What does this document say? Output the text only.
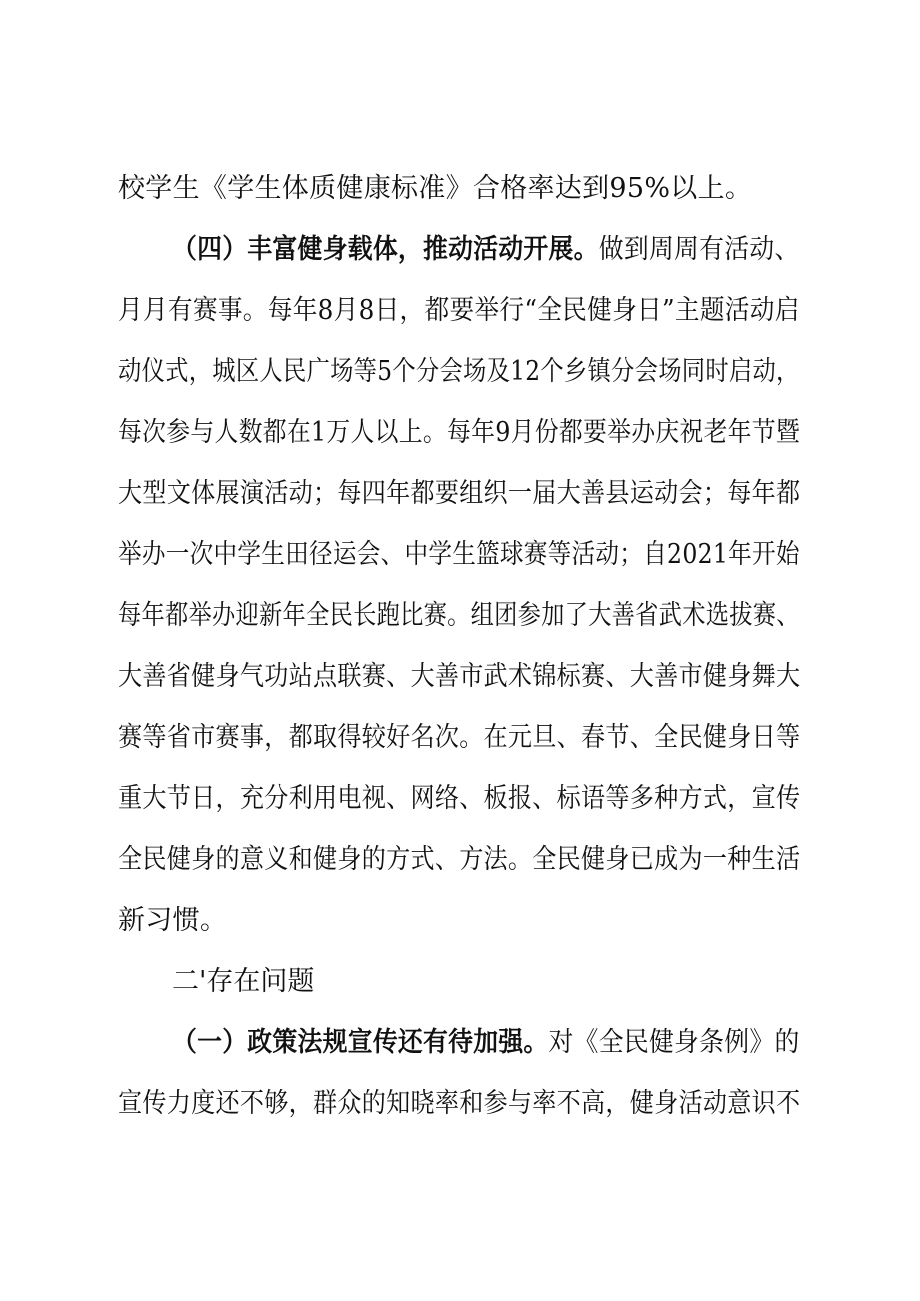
校学生《学生体质健康标准》合格率达到95%以上。
（四）丰富健身载体，推动活动开展。做到周周有活动、
月月有赛事。每年8月8日，都要举行“全民健身日”主题活动启
动仪式，城区人民广场等5个分会场及12个乡镇分会场同时启动，
每次参与人数都在1万人以上。每年9月份都要举办庆祝老年节暨
大型文体展演活动；每四年都要组织一届大善县运动会；每年都
举办一次中学生田径运会、中学生篮球赛等活动；自2021年开始
每年都举办迎新年全民长跑比赛。组团参加了大善省武术选拔赛、
大善省健身气功站点联赛、大善市武术锦标赛、大善市健身舞大
赛等省市赛事，都取得较好名次。在元旦、春节、全民健身日等
重大节日，充分利用电视、网络、板报、标语等多种方式，宣传
全民健身的意义和健身的方式、方法。全民健身已成为一种生活
新习惯。
二'存在问题
（一）政策法规宣传还有待加强。对《全民健身条例》的
宣传力度还不够，群众的知晓率和参与率不高，健身活动意识不
